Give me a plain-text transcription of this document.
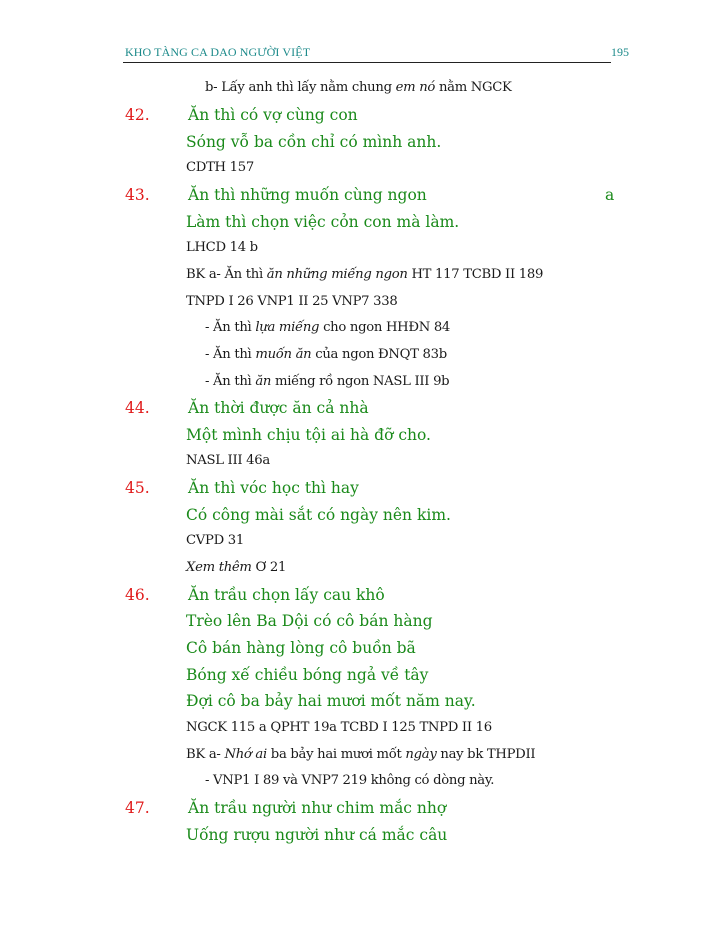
KHO TÀNG CA DAO NGƯỜI VIỆT	195
b- Lấy anh thì lấy nằm chung em nó nằm NGCK
42. Ăn thì có vợ cùng con
Sóng vỗ ba cồn chỉ có mình anh.
CDTH 157
43. Ăn thì những muốn cùng ngon	a
Làm thì chọn việc cỏn con mà làm.
LHCD 14 b
BK a- Ăn thì ăn những miếng ngon HT 117 TCBD II 189
TNPD I 26 VNP1 II 25 VNP7 338
- Ăn thì lựa miếng cho ngon HHĐN 84
- Ăn thì muốn ăn của ngon ĐNQT 83b
- Ăn thì ăn miếng rồ ngon NASL III 9b
44. Ăn thời được ăn cả nhà
Một mình chịu tội ai hà đỡ cho.
NASL III 46a
45. Ăn thì vóc học thì hay
Có công mài sắt có ngày nên kim.
CVPD 31
Xem thêm Ơ 21
46. Ăn trầu chọn lấy cau khô
Trèo lên Ba Dội có cô bán hàng
Cô bán hàng lòng cô buồn bã
Bóng xế chiều bóng ngả về tây
Đợi cô ba bảy hai mươi mốt năm nay.
NGCK 115 a QPHT 19a TCBD I 125 TNPD II 16
BK a- Nhớ ai ba bảy hai mươi mốt ngày nay bk THPDII
- VNP1 I 89 và VNP7 219 không có dòng này.
47. Ăn trầu người như chim mắc nhợ
Uống rượu người như cá mắc câu
